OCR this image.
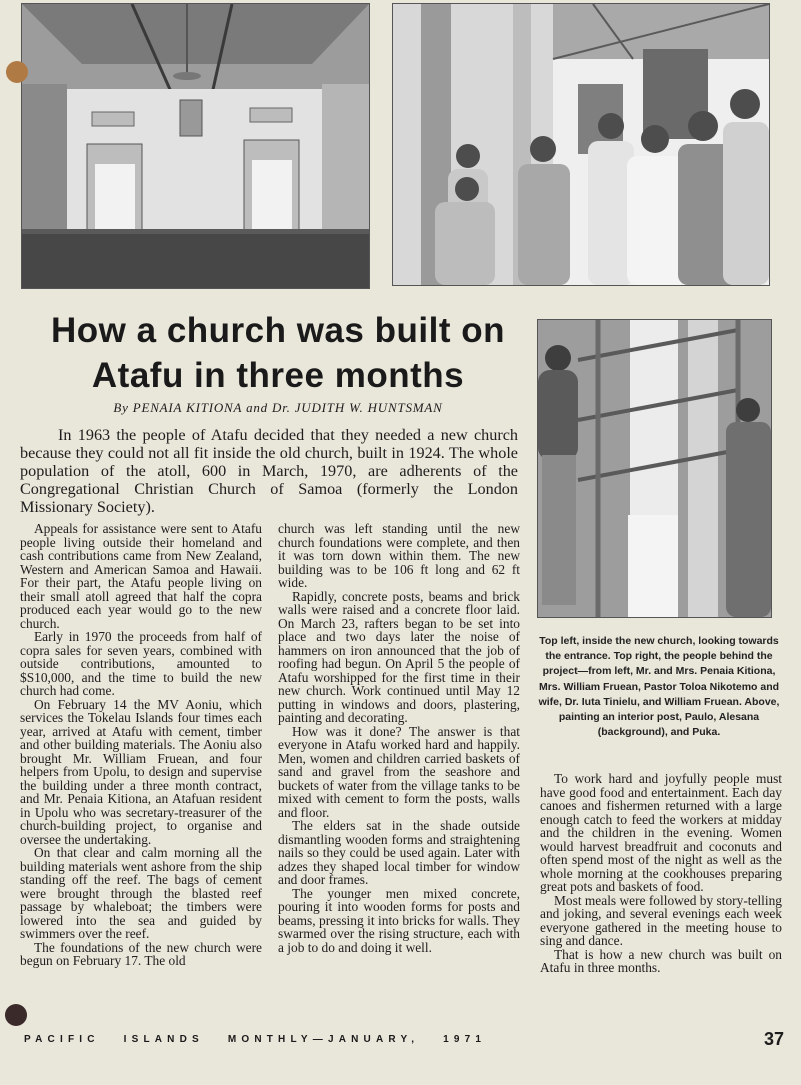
How a church was built on
Atafu in three months
By PENAIA KITIONA and Dr. JUDITH W. HUNTSMAN
In 1963 the people of Atafu decided that they needed a new church because they could not all fit inside the old church, built in 1924. The whole population of the atoll, 600 in March, 1970, are adherents of the Congregational Christian Church of Samoa (formerly the London Missionary Society).

Appeals for assistance were sent to Atafu people living outside their homeland and cash contributions came from New Zealand, Western and American Samoa and Hawaii. For their part, the Atafu people living on their small atoll agreed that half the copra produced each year would go to the new church.

Early in 1970 the proceeds from half of copra sales for seven years, combined with outside contributions, amounted to $S10,000, and the time to build the new church had come.

On February 14 the MV Aoniu, which services the Tokelau Islands four times each year, arrived at Atafu with cement, timber and other building materials. The Aoniu also brought Mr. William Fruean, and four helpers from Upolu, to design and supervise the building under a three month contract, and Mr. Penaia Kitiona, an Atafuan resident in Upolu who was secretary-treasurer of the church-building project, to organise and oversee the undertaking.

On that clear and calm morning all the building materials went ashore from the ship standing off the reef. The bags of cement were brought through the blasted reef passage by whaleboat; the timbers were lowered into the sea and guided by swimmers over the reef.

The foundations of the new church were begun on February 17. The old

church was left standing until the new church foundations were complete, and then it was torn down within them. The new building was to be 106 ft long and 62 ft wide.

Rapidly, concrete posts, beams and brick walls were raised and a concrete floor laid. On March 23, rafters began to be set into place and two days later the noise of hammers on iron announced that the job of roofing had begun. On April 5 the people of Atafu worshipped for the first time in their new church. Work continued until May 12 putting in windows and doors, plastering, painting and decorating.

How was it done? The answer is that everyone in Atafu worked hard and happily. Men, women and children carried baskets of sand and gravel from the seashore and buckets of water from the village tanks to be mixed with cement to form the posts, walls and floor.

The elders sat in the shade outside dismantling wooden forms and straightening nails so they could be used again. Later with adzes they shaped local timber for window and door frames.

The younger men mixed concrete, pouring it into wooden forms for posts and beams, pressing it into bricks for walls. They swarmed over the rising structure, each with a job to do and doing it well.

Top left, inside the new church, looking towards the entrance. Top right, the people behind the project—from left, Mr. and Mrs. Penaia Kitiona, Mrs. William Fruean, Pastor Toloa Nikotemo and wife, Dr. Iuta Tinielu, and William Fruean. Above, painting an interior post, Paulo, Alesana (background), and Puka.

To work hard and joyfully people must have good food and entertainment. Each day canoes and fishermen returned with a large enough catch to feed the workers at midday and the children in the evening. Women would harvest breadfruit and coconuts and often spend most of the night as well as the whole morning at the cookhouses preparing great pots and baskets of food.

Most meals were followed by story-telling and joking, and several evenings each week everyone gathered in the meeting house to sing and dance.

That is how a new church was built on Atafu in three months.

PACIFIC   ISLANDS   MONTHLY—JANUARY,   1971	37
